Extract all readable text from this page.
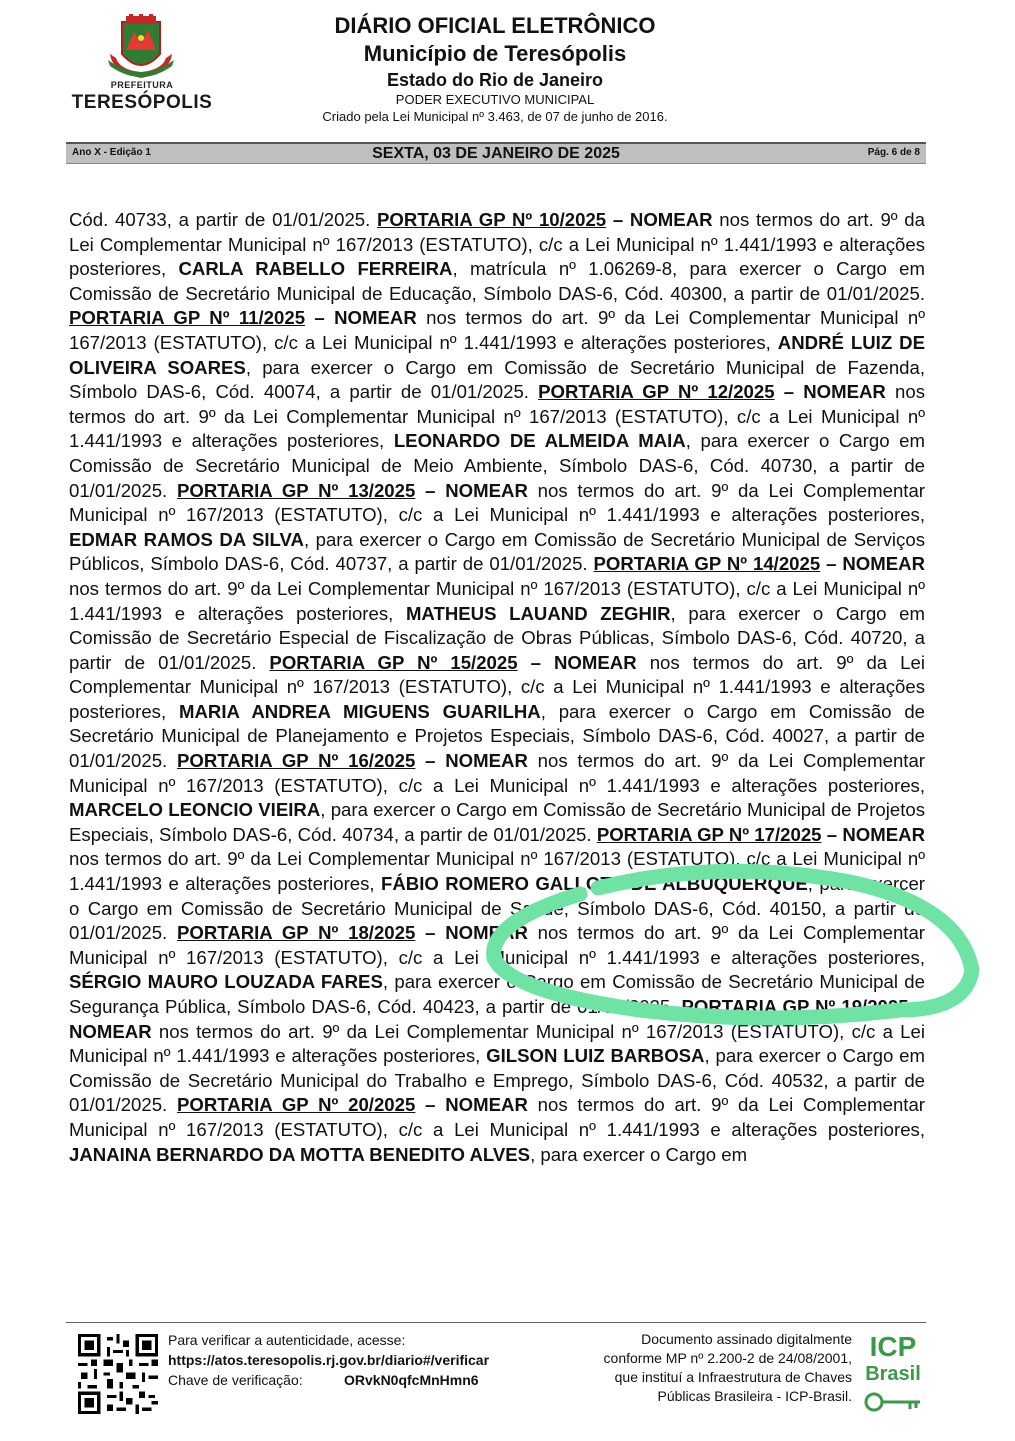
PREFEITURA
TERESÓPOLIS
DIÁRIO OFICIAL ELETRÔNICO
Município de Teresópolis
Estado do Rio de Janeiro
PODER EXECUTIVO MUNICIPAL
Criado pela Lei Municipal nº 3.463, de 07 de junho de 2016.
Ano X - Edição 1	SEXTA, 03 DE JANEIRO DE 2025	Pág. 6 de 8
Cód. 40733, a partir de 01/01/2025. PORTARIA GP Nº 10/2025 – NOMEAR nos termos do art. 9º da Lei Complementar Municipal nº 167/2013 (ESTATUTO), c/c a Lei Municipal nº 1.441/1993 e alterações posteriores, CARLA RABELLO FERREIRA, matrícula nº 1.06269-8, para exercer o Cargo em Comissão de Secretário Municipal de Educação, Símbolo DAS-6, Cód. 40300, a partir de 01/01/2025. PORTARIA GP Nº 11/2025 – NOMEAR nos termos do art. 9º da Lei Complementar Municipal nº 167/2013 (ESTATUTO), c/c a Lei Municipal nº 1.441/1993 e alterações posteriores, ANDRÉ LUIZ DE OLIVEIRA SOARES, para exercer o Cargo em Comissão de Secretário Municipal de Fazenda, Símbolo DAS-6, Cód. 40074, a partir de 01/01/2025. PORTARIA GP Nº 12/2025 – NOMEAR nos termos do art. 9º da Lei Complementar Municipal nº 167/2013 (ESTATUTO), c/c a Lei Municipal nº 1.441/1993 e alterações posteriores, LEONARDO DE ALMEIDA MAIA, para exercer o Cargo em Comissão de Secretário Municipal de Meio Ambiente, Símbolo DAS-6, Cód. 40730, a partir de 01/01/2025. PORTARIA GP Nº 13/2025 – NOMEAR nos termos do art. 9º da Lei Complementar Municipal nº 167/2013 (ESTATUTO), c/c a Lei Municipal nº 1.441/1993 e alterações posteriores, EDMAR RAMOS DA SILVA, para exercer o Cargo em Comissão de Secretário Municipal de Serviços Públicos, Símbolo DAS-6, Cód. 40737, a partir de 01/01/2025. PORTARIA GP Nº 14/2025 – NOMEAR nos termos do art. 9º da Lei Complementar Municipal nº 167/2013 (ESTATUTO), c/c a Lei Municipal nº 1.441/1993 e alterações posteriores, MATHEUS LAUAND ZEGHIR, para exercer o Cargo em Comissão de Secretário Especial de Fiscalização de Obras Públicas, Símbolo DAS-6, Cód. 40720, a partir de 01/01/2025. PORTARIA GP Nº 15/2025 – NOMEAR nos termos do art. 9º da Lei Complementar Municipal nº 167/2013 (ESTATUTO), c/c a Lei Municipal nº 1.441/1993 e alterações posteriores, MARIA ANDREA MIGUENS GUARILHA, para exercer o Cargo em Comissão de Secretário Municipal de Planejamento e Projetos Especiais, Símbolo DAS-6, Cód. 40027, a partir de 01/01/2025. PORTARIA GP Nº 16/2025 – NOMEAR nos termos do art. 9º da Lei Complementar Municipal nº 167/2013 (ESTATUTO), c/c a Lei Municipal nº 1.441/1993 e alterações posteriores, MARCELO LEONCIO VIEIRA, para exercer o Cargo em Comissão de Secretário Municipal de Projetos Especiais, Símbolo DAS-6, Cód. 40734, a partir de 01/01/2025. PORTARIA GP Nº 17/2025 – NOMEAR nos termos do art. 9º da Lei Complementar Municipal nº 167/2013 (ESTATUTO), c/c a Lei Municipal nº 1.441/1993 e alterações posteriores, FÁBIO ROMERO GALLOTE DE ALBUQUERQUE, para exercer o Cargo em Comissão de Secretário Municipal de Saúde, Símbolo DAS-6, Cód. 40150, a partir de 01/01/2025. PORTARIA GP Nº 18/2025 – NOMEAR nos termos do art. 9º da Lei Complementar Municipal nº 167/2013 (ESTATUTO), c/c a Lei Municipal nº 1.441/1993 e alterações posteriores, SÉRGIO MAURO LOUZADA FARES, para exercer o Cargo em Comissão de Secretário Municipal de Segurança Pública, Símbolo DAS-6, Cód. 40423, a partir de 01/01/2025. PORTARIA GP Nº 19/2025 – NOMEAR nos termos do art. 9º da Lei Complementar Municipal nº 167/2013 (ESTATUTO), c/c a Lei Municipal nº 1.441/1993 e alterações posteriores, GILSON LUIZ BARBOSA, para exercer o Cargo em Comissão de Secretário Municipal do Trabalho e Emprego, Símbolo DAS-6, Cód. 40532, a partir de 01/01/2025. PORTARIA GP Nº 20/2025 – NOMEAR nos termos do art. 9º da Lei Complementar Municipal nº 167/2013 (ESTATUTO), c/c a Lei Municipal nº 1.441/1993 e alterações posteriores, JANAINA BERNARDO DA MOTTA BENEDITO ALVES, para exercer o Cargo em
Para verificar a autenticidade, acesse:
https://atos.teresopolis.rj.gov.br/diario#/verificar
Chave de verificação:	ORvkN0qfcMnHmn6
Documento assinado digitalmente
conforme MP nº 2.200-2 de 24/08/2001,
que instituí a Infraestrutura de Chaves
Públicas Brasileira - ICP-Brasil.
ICP
Brasil
